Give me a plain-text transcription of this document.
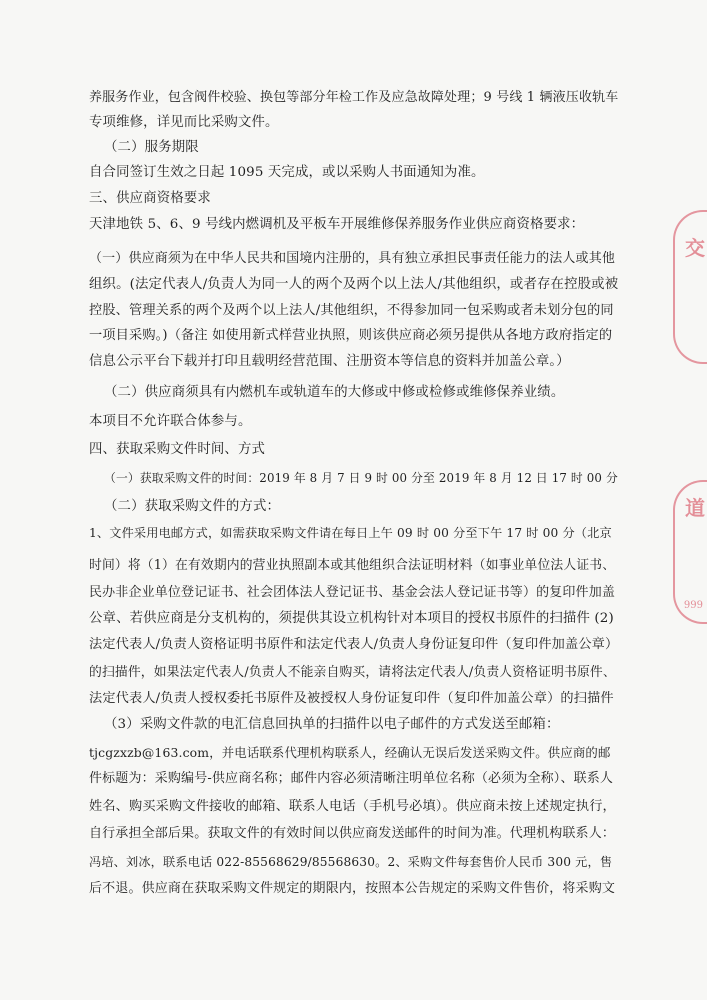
养服务作业，包含阀件校验、换包等部分年检工作及应急故障处理；9 号线 1 辆液压收轨车
专项维修，详见而比采购文件。
（二）服务期限
自合同签订生效之日起 1095 天完成，或以采购人书面通知为准。
三、供应商资格要求
天津地铁 5、6、9 号线内燃调机及平板车开展维修保养服务作业供应商资格要求：
（一）供应商须为在中华人民共和国境内注册的，具有独立承担民事责任能力的法人或其他
组织。(法定代表人/负责人为同一人的两个及两个以上法人/其他组织，或者存在控股或被
控股、管理关系的两个及两个以上法人/其他组织，不得参加同一包采购或者未划分包的同
一项目采购。)（备注 如使用新式样营业执照，则该供应商必须另提供从各地方政府指定的
信息公示平台下载并打印且载明经营范围、注册资本等信息的资料并加盖公章。）
（二）供应商须具有内燃机车或轨道车的大修或中修或检修或维修保养业绩。
本项目不允许联合体参与。
四、获取采购文件时间、方式
（一）获取采购文件的时间：2019 年 8 月 7 日 9 时 00 分至 2019 年 8 月 12 日 17 时 00 分
（二）获取采购文件的方式：
1、文件采用电邮方式，如需获取采购文件请在每日上午 09 时 00 分至下午 17 时 00 分（北京
时间）将（1）在有效期内的营业执照副本或其他组织合法证明材料（如事业单位法人证书、
民办非企业单位登记证书、社会团体法人登记证书、基金会法人登记证书等）的复印件加盖
公章、若供应商是分支机构的，须提供其设立机构针对本项目的授权书原件的扫描件 (2)
法定代表人/负责人资格证明书原件和法定代表人/负责人身份证复印件（复印件加盖公章）
的扫描件，如果法定代表人/负责人不能亲自购买，请将法定代表人/负责人资格证明书原件、
法定代表人/负责人授权委托书原件及被授权人身份证复印件（复印件加盖公章）的扫描件
（3）采购文件款的电汇信息回执单的扫描件以电子邮件的方式发送至邮箱：
tjcgzxzb@163.com，并电话联系代理机构联系人，经确认无误后发送采购文件。供应商的邮
件标题为：采购编号-供应商名称；邮件内容必须清晰注明单位名称（必须为全称）、联系人
姓名、购买采购文件接收的邮箱、联系人电话（手机号必填）。供应商未按上述规定执行，
自行承担全部后果。获取文件的有效时间以供应商发送邮件的时间为准。代理机构联系人：
冯培、刘冰，联系电话 022-85568629/85568630。2、采购文件每套售价人民币 300 元，售
后不退。供应商在获取采购文件规定的期限内，按照本公告规定的采购文件售价，将采购文
交
道
999
